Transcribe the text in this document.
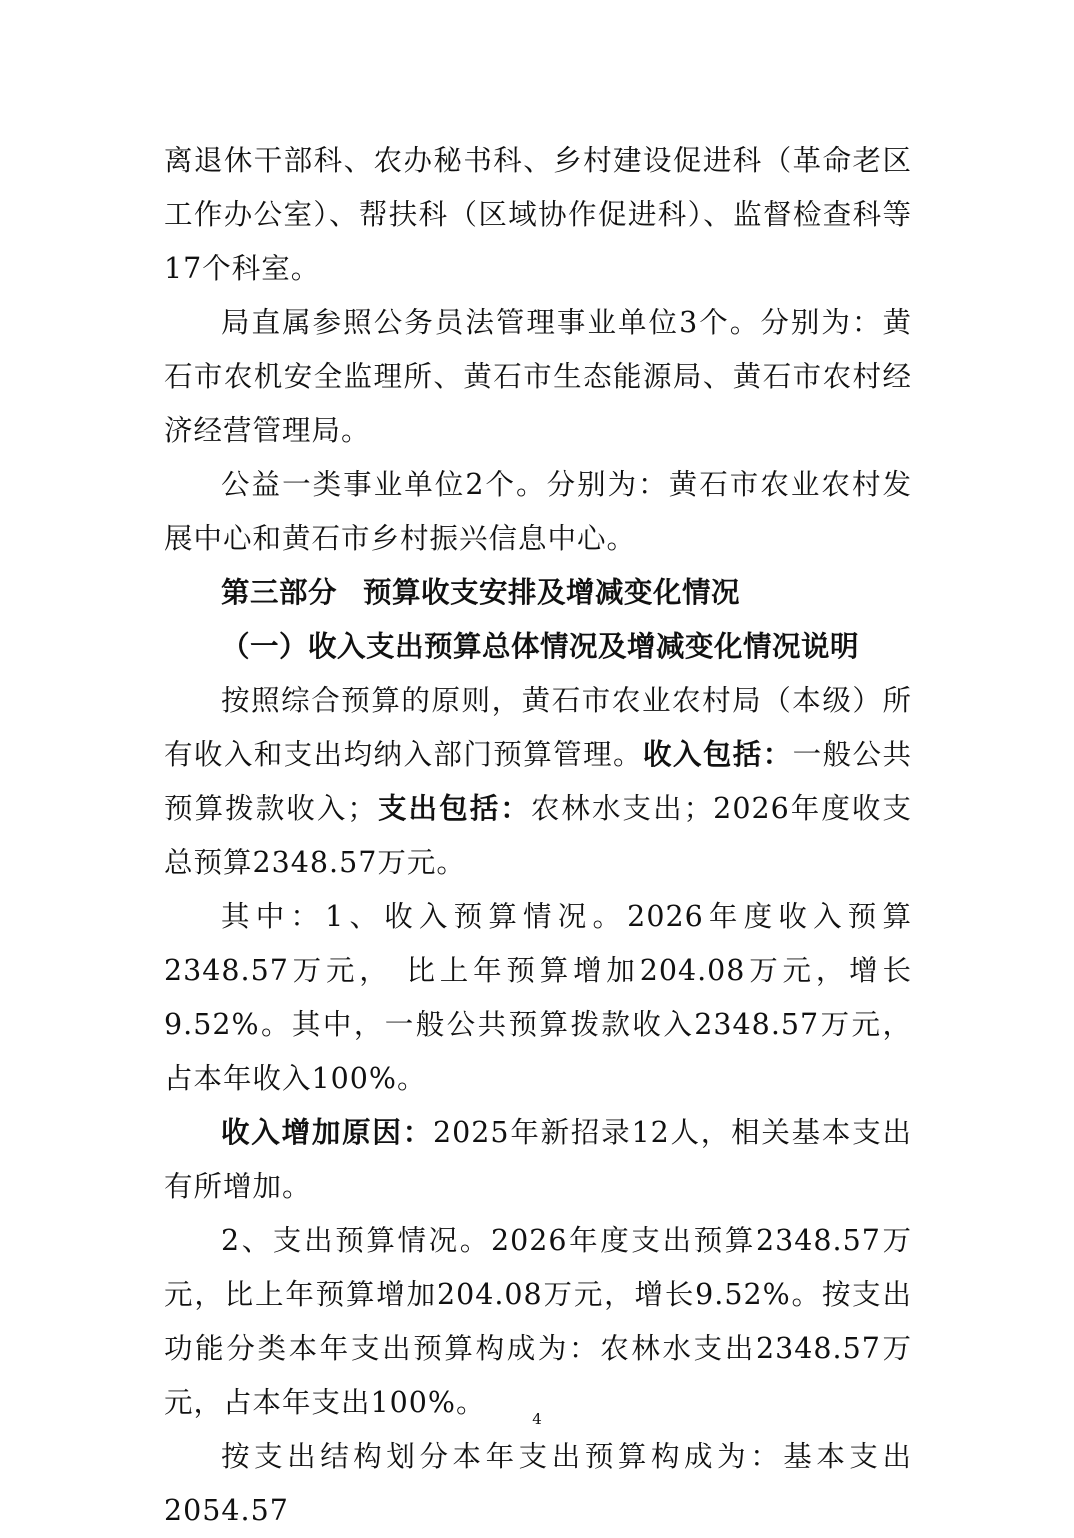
离退休干部科、农办秘书科、乡村建设促进科（革命老区工作办公室）、帮扶科（区域协作促进科）、监督检查科等17个科室。

局直属参照公务员法管理事业单位3个。分别为：黄石市农机安全监理所、黄石市生态能源局、黄石市农村经济经营管理局。

公益一类事业单位2个。分别为：黄石市农业农村发展中心和黄石市乡村振兴信息中心。

第三部分 预算收支安排及增减变化情况

（一）收入支出预算总体情况及增减变化情况说明

按照综合预算的原则，黄石市农业农村局（本级）所有收入和支出均纳入部门预算管理。收入包括：一般公共预算拨款收入；支出包括：农林水支出；2026年度收支总预算2348.57万元。

其中：1、收入预算情况。2026年度收入预算2348.57万元， 比上年预算增加204.08万元，增长9.52%。其中，一般公共预算拨款收入2348.57万元，占本年收入100%。

收入增加原因：2025年新招录12人，相关基本支出有所增加。

2、支出预算情况。2026年度支出预算2348.57万元，比上年预算增加204.08万元，增长9.52%。按支出功能分类本年支出预算构成为：农林水支出2348.57万元，占本年支出100%。

按支出结构划分本年支出预算构成为：基本支出2054.57

4
